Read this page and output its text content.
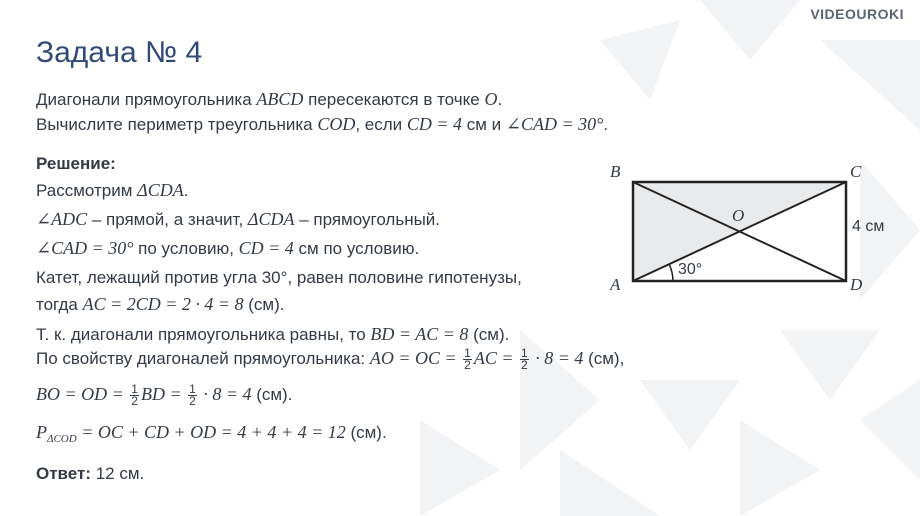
VIDEOUROKI
Задача № 4
Диагонали прямоугольника ABCD пересекаются в точке O.
Вычислите периметр треугольника COD, если CD = 4 см и ∠CAD = 30°.
Решение:
Рассмотрим ΔCDA.
∠ADC – прямой, а значит, ΔCDA – прямоугольный.
∠CAD = 30° по условию, CD = 4 см по условию.
Катет, лежащий против угла 30°, равен половине гипотенузы,
тогда AC = 2CD = 2 · 4 = 8 (см).
Т. к. диагонали прямоугольника равны, то BD = AC = 8 (см).
По свойству диагоналей прямоугольника: AO = OC = $\frac{1}{2}$ AC = $\frac{1}{2} \cdot 8 = 4$ (см),
BO = OD = $\frac{1}{2}$ BD = $\frac{1}{2} \cdot 8 = 4$ (см).
$P_{\Delta COD}$ = OC + CD + OD = 4 + 4 + 4 = 12 (см).
Ответ: 12 см.
B	C
A	D
O
4 см
30°
